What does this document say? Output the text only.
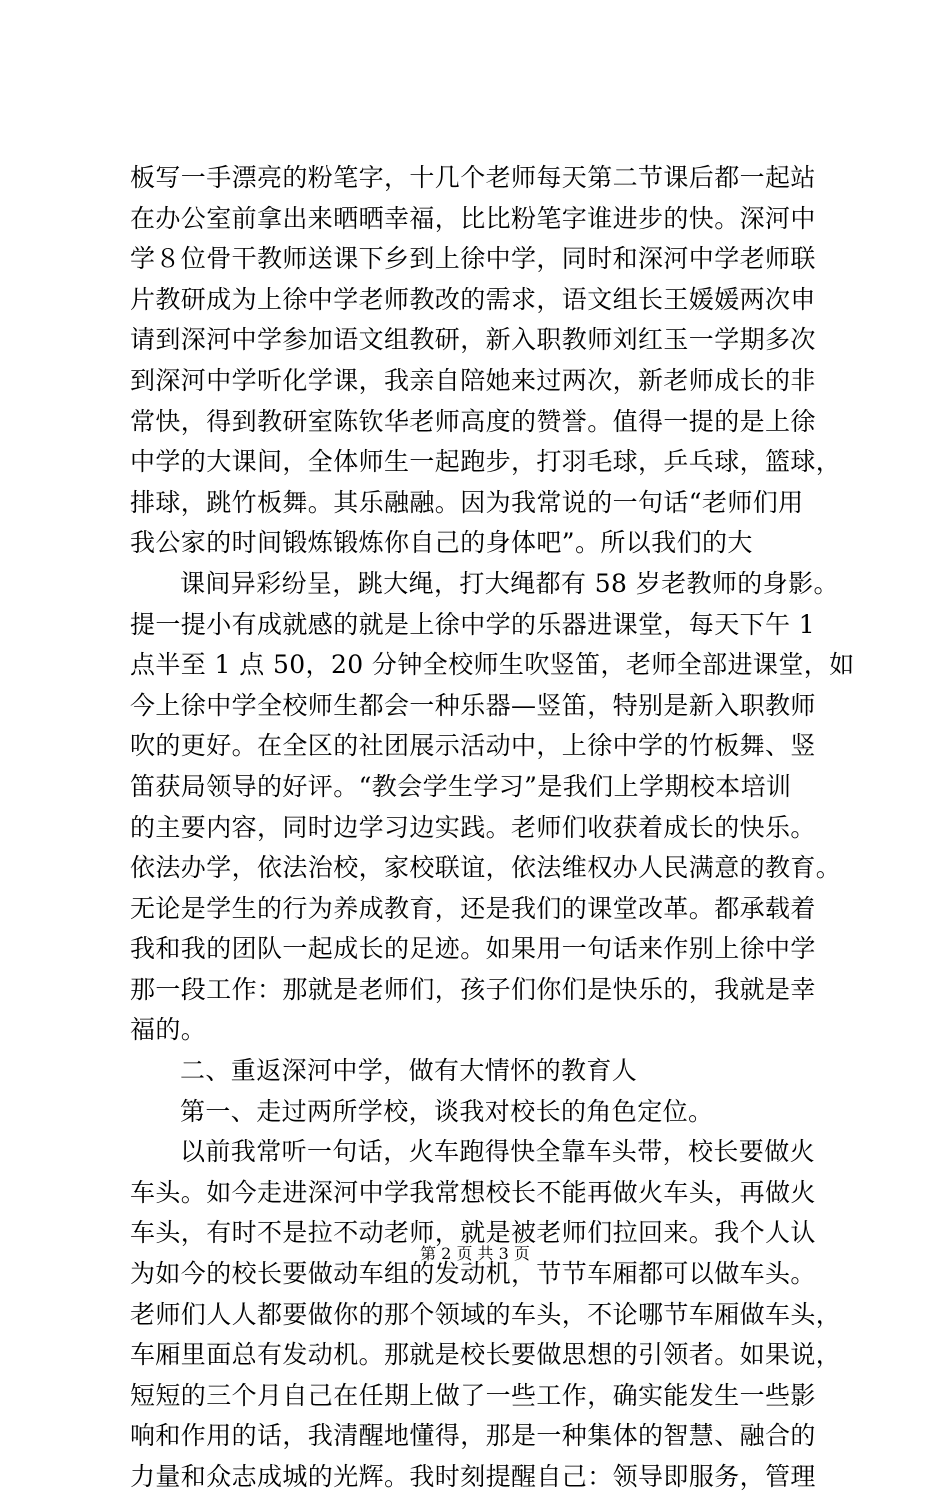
板写一手漂亮的粉笔字，十几个老师每天第二节课后都一起站
在办公室前拿出来晒晒幸福，比比粉笔字谁进步的快。深河中
学８位骨干教师送课下乡到上徐中学，同时和深河中学老师联
片教研成为上徐中学老师教改的需求，语文组长王媛媛两次申
请到深河中学参加语文组教研，新入职教师刘红玉一学期多次
到深河中学听化学课，我亲自陪她来过两次，新老师成长的非
常快，得到教研室陈钦华老师高度的赞誉。值得一提的是上徐
中学的大课间，全体师生一起跑步，打羽毛球，乒乓球，篮球，
排球，跳竹板舞。其乐融融。因为我常说的一句话“老师们用
我公家的时间锻炼锻炼你自己的身体吧”。所以我们的大
课间异彩纷呈，跳大绳，打大绳都有 58 岁老教师的身影。
提一提小有成就感的就是上徐中学的乐器进课堂，每天下午 1
点半至 1 点 50，20 分钟全校师生吹竖笛，老师全部进课堂，如
今上徐中学全校师生都会一种乐器—竖笛，特别是新入职教师
吹的更好。在全区的社团展示活动中，上徐中学的竹板舞、竖
笛获局领导的好评。“教会学生学习”是我们上学期校本培训
的主要内容，同时边学习边实践。老师们收获着成长的快乐。
依法办学，依法治校，家校联谊，依法维权办人民满意的教育。
无论是学生的行为养成教育，还是我们的课堂改革。都承载着
我和我的团队一起成长的足迹。如果用一句话来作别上徐中学
那一段工作：那就是老师们，孩子们你们是快乐的，我就是幸
福的。
二、重返深河中学，做有大情怀的教育人
第一、走过两所学校，谈我对校长的角色定位。
以前我常听一句话，火车跑得快全靠车头带，校长要做火
车头。如今走进深河中学我常想校长不能再做火车头，再做火
车头，有时不是拉不动老师，就是被老师们拉回来。我个人认
为如今的校长要做动车组的发动机，节节车厢都可以做车头。
老师们人人都要做你的那个领域的车头，不论哪节车厢做车头，
车厢里面总有发动机。那就是校长要做思想的引领者。如果说，
短短的三个月自己在任期上做了一些工作，确实能发生一些影
响和作用的话，我清醒地懂得，那是一种集体的智慧、融合的
力量和众志成城的光辉。我时刻提醒自己：领导即服务，管理
第 2 页 共 3 页
